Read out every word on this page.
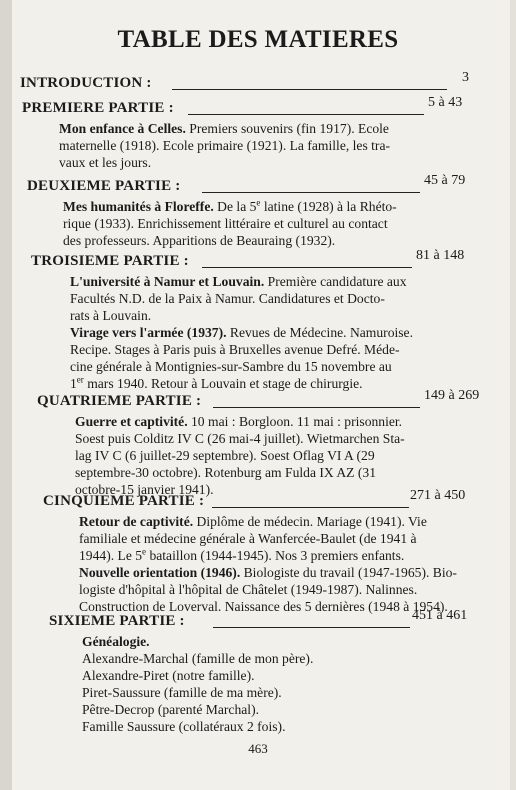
TABLE DES MATIERES
INTRODUCTION :	3
PREMIERE PARTIE :	5 à 43
Mon enfance à Celles. Premiers souvenirs (fin 1917). Ecole
maternelle (1918). Ecole primaire (1921). La famille, les tra-
vaux et les jours.
DEUXIEME PARTIE :	45 à 79
Mes humanités à Floreffe. De la 5e latine (1928) à la Rhéto-
rique (1933). Enrichissement littéraire et culturel au contact
des professeurs. Apparitions de Beauraing (1932).
TROISIEME PARTIE :	81 à 148
L'université à Namur et Louvain. Première candidature aux
Facultés N.D. de la Paix à Namur. Candidatures et Docto-
rats à Louvain.
Virage vers l'armée (1937). Revues de Médecine. Namuroise.
Recipe. Stages à Paris puis à Bruxelles avenue Defré. Méde-
cine générale à Montignies-sur-Sambre du 15 novembre au
1er mars 1940. Retour à Louvain et stage de chirurgie.
QUATRIEME PARTIE :	149 à 269
Guerre et captivité. 10 mai : Borgloon. 11 mai : prisonnier.
Soest puis Colditz IV C (26 mai-4 juillet). Wietmarchen Sta-
lag IV C (6 juillet-29 septembre). Soest Oflag VI A (29
septembre-30 octobre). Rotenburg am Fulda IX AZ (31
octobre-15 janvier 1941).
CINQUIEME PARTIE :	271 à 450
Retour de captivité. Diplôme de médecin. Mariage (1941). Vie
familiale et médecine générale à Wanfercée-Baulet (de 1941 à
1944). Le 5e bataillon (1944-1945). Nos 3 premiers enfants.
Nouvelle orientation (1946). Biologiste du travail (1947-1965). Bio-
logiste d'hôpital à l'hôpital de Châtelet (1949-1987). Nalinnes.
Construction de Loverval. Naissance des 5 dernières (1948 à 1954).
SIXIEME PARTIE :	451 à 461
Généalogie.
Alexandre-Marchal (famille de mon père).
Alexandre-Piret (notre famille).
Piret-Saussure (famille de ma mère).
Pêtre-Decrop (parenté Marchal).
Famille Saussure (collatéraux 2 fois).
463
